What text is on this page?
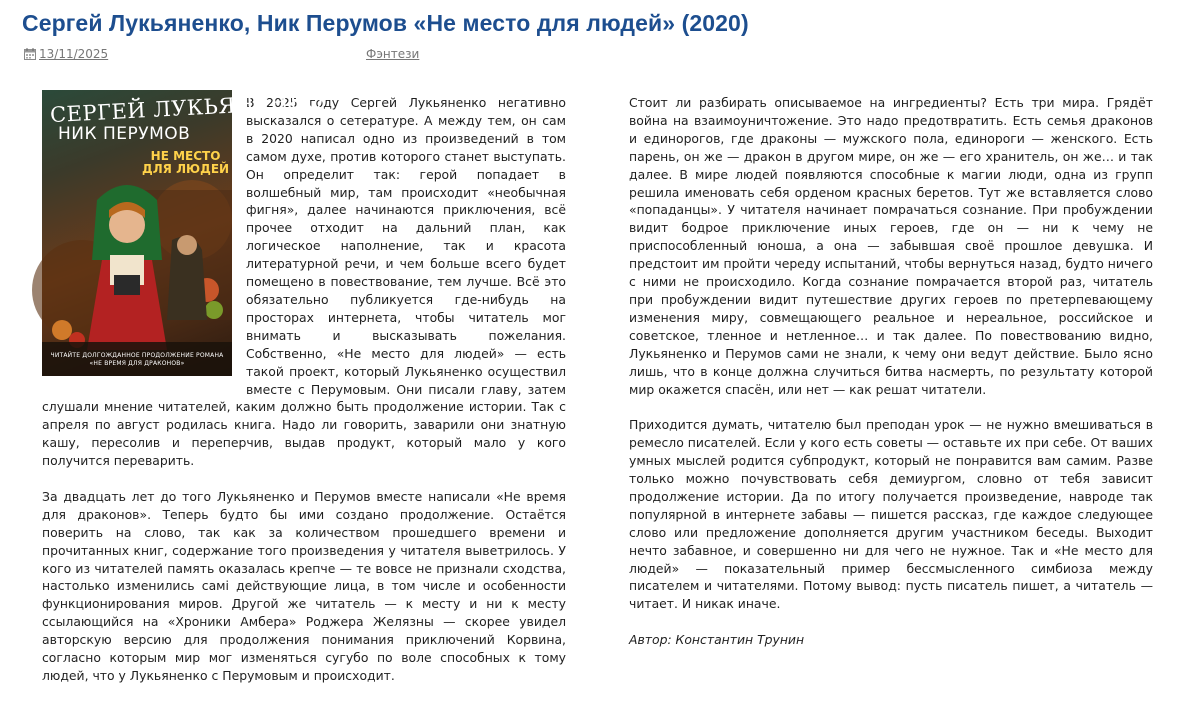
Сергей Лукьяненко, Ник Перумов «Не место для людей» (2020)
13/11/2025	Фэнтези
СЕРГЕЙ ЛУКЬЯНЕНКО
НИК ПЕРУМОВ
НЕ МЕСТО
ДЛЯ ЛЮДЕЙ
ЧИТАЙТЕ ДОЛГОЖДАННОЕ ПРОДОЛЖЕНИЕ РОМАНА
«НЕ ВРЕМЯ ДЛЯ ДРАКОНОВ»

В 2025 году Сергей Лукьяненко негативно высказался о сетературе. А между тем, он сам в 2020 написал одно из произведений в том самом духе, против которого станет выступать. Он определит так: герой попадает в волшебный мир, там происходит «необычная фигня», далее начинаются приключения, всё прочее отходит на дальний план, как логическое наполнение, так и красота литературной речи, и чем больше всего будет помещено в повествование, тем лучше. Всё это обязательно публикуется где-нибудь на просторах интернета, чтобы читатель мог внимать и высказывать пожелания. Собственно, «Не место для людей» — есть такой проект, который Лукьяненко осуществил вместе с Перумовым. Они писали главу, затем слушали мнение читателей, каким должно быть продолжение истории. Так с апреля по август родилась книга. Надо ли говорить, заварили они знатную кашу, пересолив и переперчив, выдав продукт, который мало у кого получится переварить.

За двадцать лет до того Лукьяненко и Перумов вместе написали «Не время для драконов». Теперь будто бы ими создано продолжение. Остаётся поверить на слово, так как за количеством прошедшего времени и прочитанных книг, содержание того произведения у читателя выветрилось. У кого из читателей память оказалась крепче — те вовсе не признали сходства, настолько изменились самi действующие лица, в том числе и особенности функционирования миров. Другой же читатель — к месту и ни к месту ссылающийся на «Хроники Амбера» Роджера Желязны — скорее увидел авторскую версию для продолжения понимания приключений Корвина, согласно которым мир мог изменяться сугубо по воле способных к тому людей, что у Лукьяненко с Перумовым и происходит.

Стоит ли разбирать описываемое на ингредиенты? Есть три мира. Грядёт война на взаимоуничтожение. Это надо предотвратить. Есть семья драконов и единорогов, где драконы — мужского пола, единороги — женского. Есть парень, он же — дракон в другом мире, он же — его хранитель, он же… и так далее. В мире людей появляются способные к магии люди, одна из групп решила именовать себя орденом красных беретов. Тут же вставляется слово «попаданцы». У читателя начинает помрачаться сознание. При пробуждении видит бодрое приключение иных героев, где он — ни к чему не приспособленный юноша, а она — забывшая своё прошлое девушка. И предстоит им пройти череду испытаний, чтобы вернуться назад, будто ничего с ними не происходило. Когда сознание помрачается второй раз, читатель при пробуждении видит путешествие других героев по претерпевающему изменения миру, совмещающего реальное и нереальное, российское и советское, тленное и нетленное… и так далее. По повествованию видно, Лукьяненко и Перумов сами не знали, к чему они ведут действие. Было ясно лишь, что в конце должна случиться битва насмерть, по результату которой мир окажется спасён, или нет — как решат читатели.

Приходится думать, читателю был преподан урок — не нужно вмешиваться в ремесло писателей. Если у кого есть советы — оставьте их при себе. От ваших умных мыслей родится субпродукт, который не понравится вам самим. Разве только можно почувствовать себя демиургом, словно от тебя зависит продолжение истории. Да по итогу получается произведение, навроде так популярной в интернете забавы — пишется рассказ, где каждое следующее слово или предложение дополняется другим участником беседы. Выходит нечто забавное, и совершенно ни для чего не нужное. Так и «Не место для людей» — показательный пример бессмысленного симбиоза между писателем и читателями. Потому вывод: пусть писатель пишет, а читатель — читает. И никак иначе.

Автор: Константин Трунин
